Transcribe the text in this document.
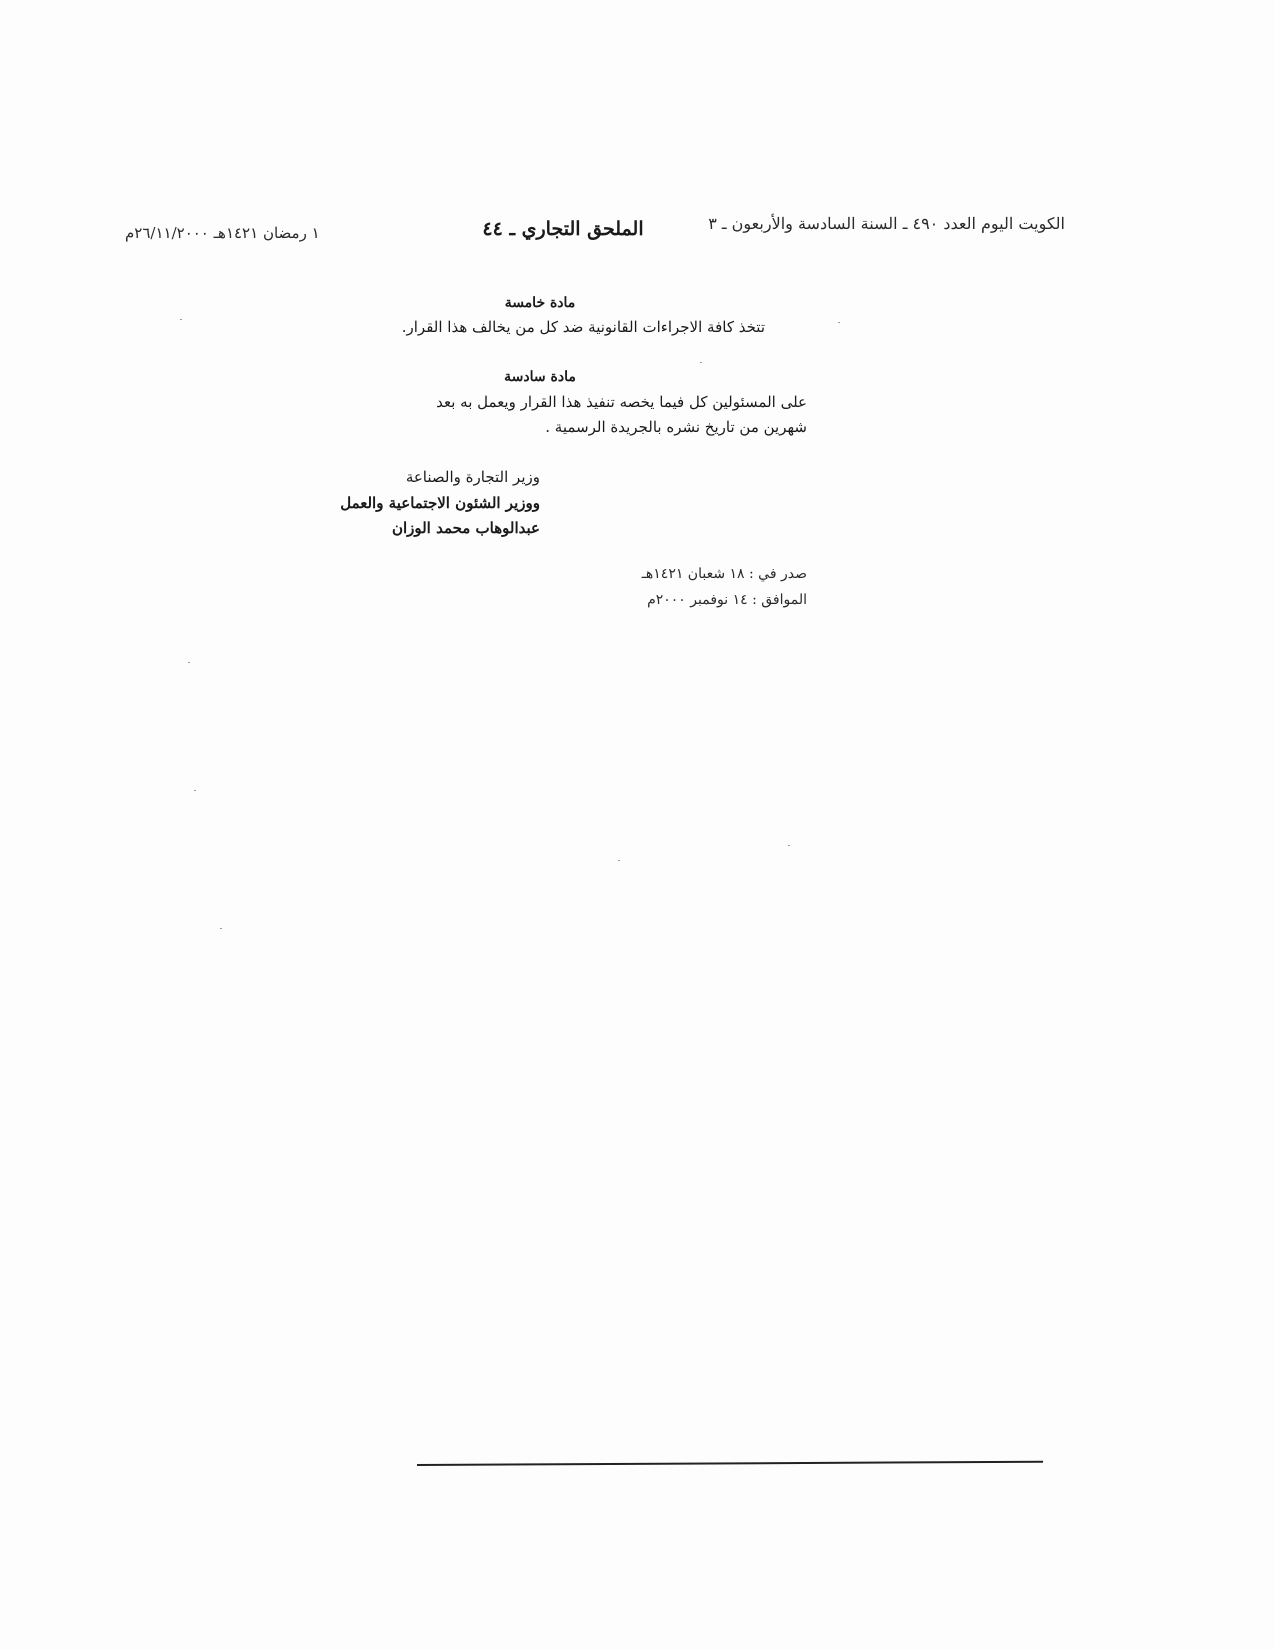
الكويت اليوم العدد ٤٩٠ ـ السنة السادسة والأربعون ـ ٣
الملحق التجاري ـ ٤٤
١ رمضان ١٤٢١هـ ٢٦/١١/٢٠٠٠م
مادة خامسة
تتخذ كافة الاجراءات القانونية ضد كل من يخالف هذا القرار.
مادة سادسة
على المسئولين كل فيما يخصه تنفيذ هذا القرار ويعمل به بعد
شهرين من تاريخ نشره بالجريدة الرسمية .
وزير التجارة والصناعة
ووزير الشئون الاجتماعية والعمل
عبدالوهاب محمد الوزان
صدر في : ١٨ شعبان ١٤٢١هـ
الموافق : ١٤ نوفمبر ٢٠٠٠م
